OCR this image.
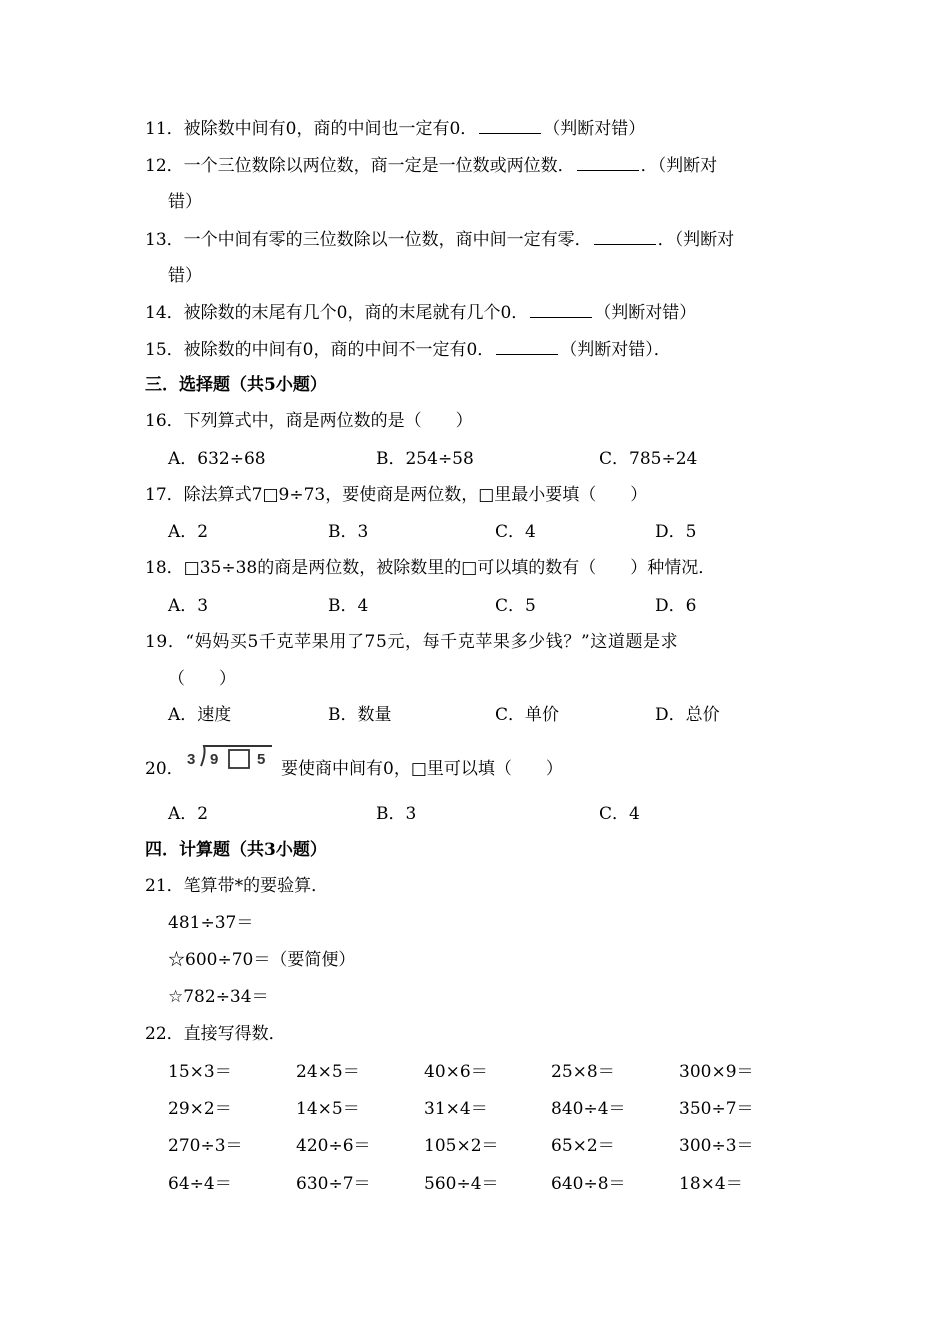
11．被除数中间有0，商的中间也一定有0．	（判断对错）
12．一个三位数除以两位数，商一定是一位数或两位数．	．（判断对
错）
13．一个中间有零的三位数除以一位数，商中间一定有零．	．（判断对
错）
14．被除数的末尾有几个0，商的末尾就有几个0．	（判断对错）
15．被除数的中间有0，商的中间不一定有0．	（判断对错）．
三．选择题（共5小题）
16．下列算式中，商是两位数的是（　　）
A．632÷68	B．254÷58	C．785÷24
17．除法算式7□9÷73，要使商是两位数，□里最小要填（　　）
A．2	B．3	C．4	D．5
18．□35÷38的商是两位数，被除数里的□可以填的数有（　　）种情况．
A．3	B．4	C．5	D．6
19．“妈妈买5千克苹果用了75元，每千克苹果多少钱？”这道题是求
（　　）
A．速度	B．数量	C．单价	D．总价
20． 3 9	5 要使商中间有0，□里可以填（　　）
A．2	B．3	C．4
四．计算题（共3小题）
21．笔算带*的要验算．
481÷37＝
☆600÷70＝（要简便）
☆782÷34＝
22．直接写得数．
15×3＝	24×5＝	40×6＝	25×8＝	300×9＝
29×2＝	14×5＝	31×4＝	840÷4＝	350÷7＝
270÷3＝	420÷6＝	105×2＝	65×2＝	300÷3＝
64÷4＝	630÷7＝	560÷4＝	640÷8＝	18×4＝
